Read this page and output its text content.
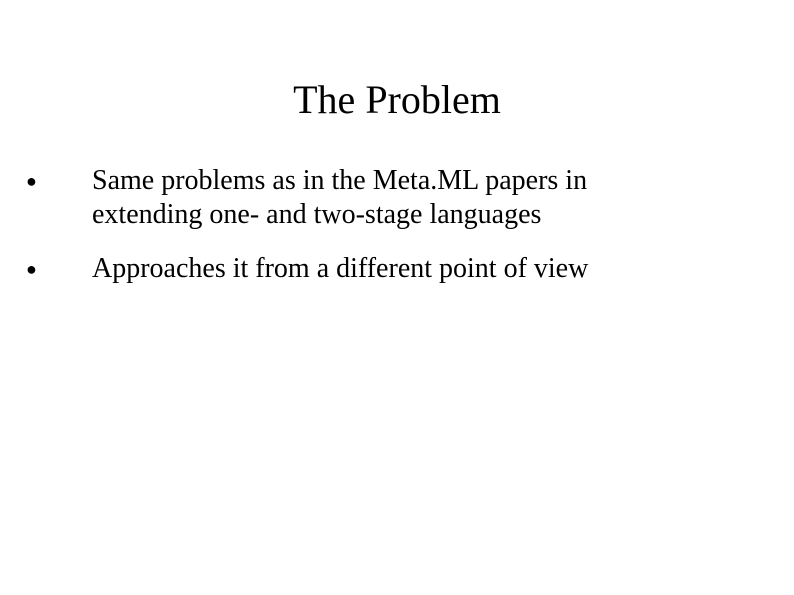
The Problem
●	Same problems as in the Meta.ML papers in extending one- and two-stage languages
●	Approaches it from a different point of view
